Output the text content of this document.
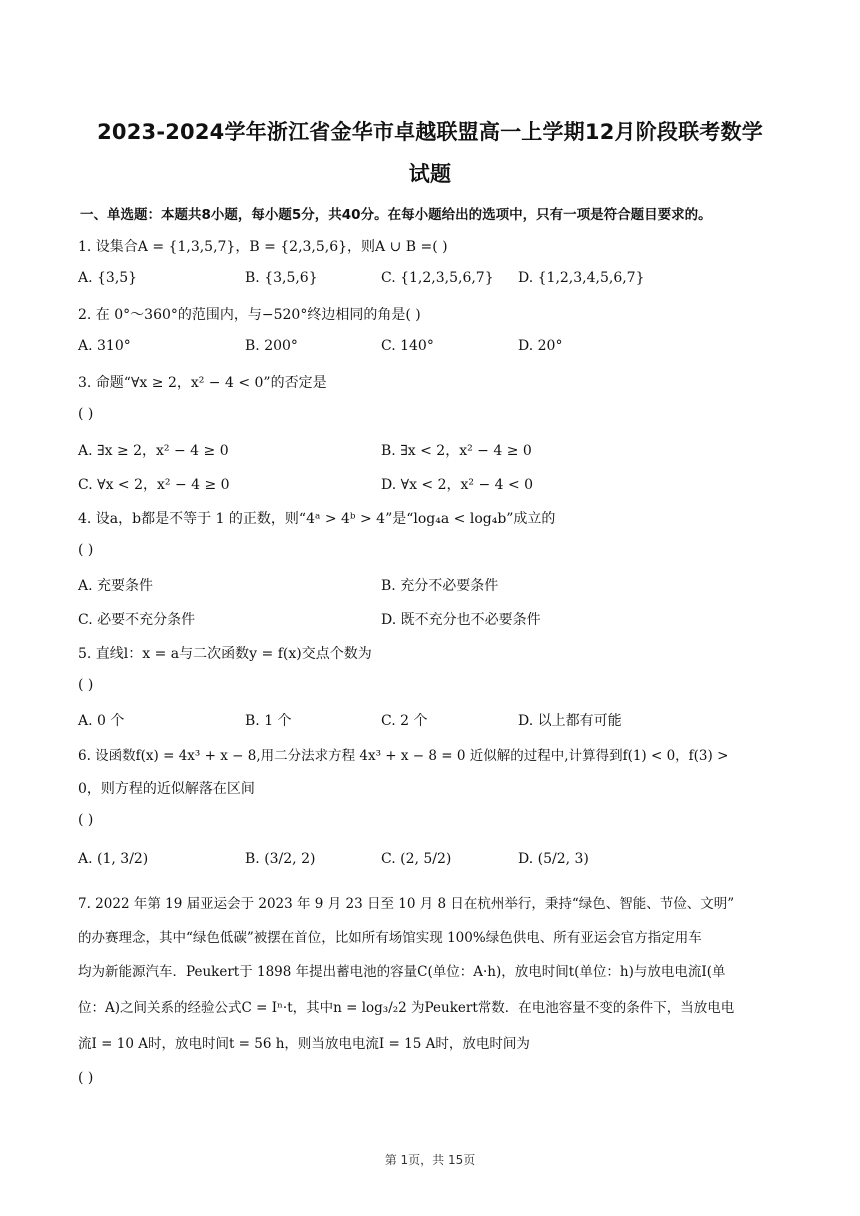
2023-2024学年浙江省金华市卓越联盟高一上学期12月阶段联考数学
试题
一、单选题：本题共8小题，每小题5分，共40分。在每小题给出的选项中，只有一项是符合题目要求的。
1. 设集合A = {1,3,5,7}，B = {2,3,5,6}，则A ∪ B =( )
A. {3,5}	B. {3,5,6}	C. {1,2,3,5,6,7} D. {1,2,3,4,5,6,7}
2. 在 0°～360°的范围内，与−520°终边相同的角是( )
A. 310°	B. 200°	C. 140°	D. 20°
3. 命题“∀x ≥ 2，x² − 4 < 0”的否定是
( )
A. ∃x ≥ 2，x² − 4 ≥ 0	B. ∃x < 2，x² − 4 ≥ 0
C. ∀x < 2，x² − 4 ≥ 0	D. ∀x < 2，x² − 4 < 0
4. 设a，b都是不等于 1 的正数，则“4ᵃ > 4ᵇ > 4”是“log₄a < log₄b”成立的
( )
A. 充要条件	B. 充分不必要条件
C. 必要不充分条件	D. 既不充分也不必要条件
5. 直线l：x = a与二次函数y = f(x)交点个数为
( )
A. 0 个	B. 1 个	C. 2 个	D. 以上都有可能
6. 设函数f(x) = 4x³ + x − 8,用二分法求方程 4x³ + x − 8 = 0 近似解的过程中,计算得到f(1) < 0，f(3) >
0，则方程的近似解落在区间
( )
A. (1, 3/2)	B. (3/2, 2)	C. (2, 5/2)	D. (5/2, 3)
7. 2022 年第 19 届亚运会于 2023 年 9 月 23 日至 10 月 8 日在杭州举行，秉持“绿色、智能、节俭、文明”
的办赛理念，其中“绿色低碳”被摆在首位，比如所有场馆实现 100%绿色供电、所有亚运会官方指定用车
均为新能源汽车．Peukert于 1898 年提出蓄电池的容量C(单位：A·h)，放电时间t(单位：h)与放电电流I(单
位：A)之间关系的经验公式C = Iⁿ·t，其中n = log₃/₂2 为Peukert常数．在电池容量不变的条件下，当放电电
流I = 10 A时，放电时间t = 56 h，则当放电电流I = 15 A时，放电时间为
( )
第 1页，共 15页
